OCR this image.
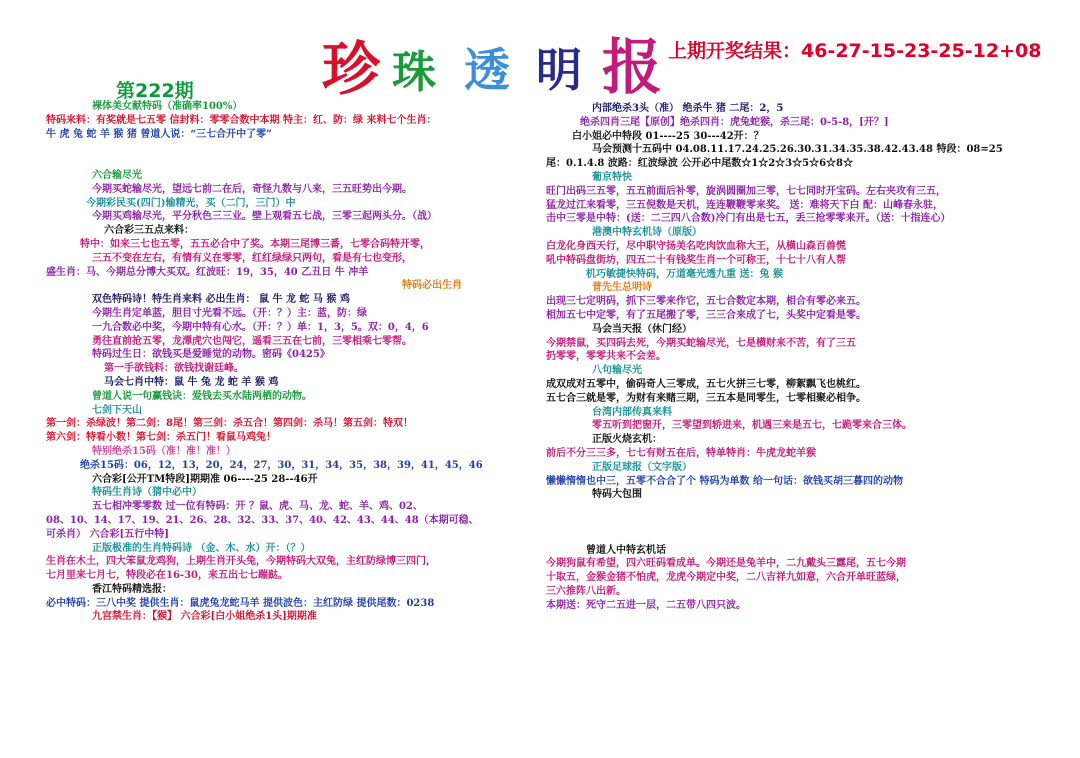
珍 珠 透 明 报 上期开奖结果：46-27-15-23-25-12+08
第222期
裸体美女献特码（准确率100%）
特码来料：有奖就是七五零 信封料：零零合数中本期 特主：红、防：绿 来料七个生肖：
牛 虎 兔 蛇 羊 猴 猪 曾道人说：“三七合开中了零”
六合输尽光
今期买蛇输尽光，望远七前二在后，奇怪九数与八来，三五旺势出今期。
今期彩民买(四门)输精光，买（二门，三门）中
今期买鸡输尽光，平分秋色三三业。壁上观看五七战，三零三起两头分。（战）
六合彩三五点来料：
特中：如来三七也五零，五五必合中了奖。本期三尾博三番，七零合码特开零，
三五不变在左右，有情有义在零零，红红绿绿只两句，看是有七也变形，
盛生肖：马、今期总分博大买双。红波旺：19，35，40 乙丑日 牛 冲羊
特码必出生肖
双色特码诗！特生肖来料 必出生肖： 鼠 牛 龙 蛇 马 猴 鸡
今期生肖定单蓝，胆目寸光看不远。（开：？）主：蓝，防：绿
一九合数必中奖，今期中特有心水。（开：？）单：1，3，5。双：0，4，6
勇往直前抢五零，龙潭虎穴也闯它，遥看三五在七前，三零相乘七零帮。
特码过生日：欲钱买是爱睡觉的动物。密码《0425》
第一手欲钱料：欲钱找谢廷峰。
马会七肖中特：鼠 牛 兔 龙 蛇 羊 猴 鸡
曾道人说一句赢钱诀：爱钱去买水陆两栖的动物。
七剑下天山
第一剑：杀绿波！第二剑：8尾！第三剑：杀五合！第四剑：杀马！第五剑：特双！
第六剑：特看小数！第七剑：杀五门！看鼠马鸡兔！
特别绝杀15码（准！准！准！）
绝杀15码：06，12，13，20，24，27，30，31，34，35，38，39，41，45，46
六合彩[公开TM特段]期期准 06----25 28--46开
特码生肖诗（猜中必中）
五七相冲零零数 过一位有特码：开 ？鼠、虎、马、龙、蛇、羊、鸡、02、
08、10、14、17、19、21、26、28、32、33、37、40、42、43、44、48（本期可稳、
可杀肖） 六合彩[五行中特]
正版极准的生肖特码诗 （金、木、水）开：（？）
生肖在木土，四大笨鼠龙鸡狗，上期生肖开头兔，今期特码大双兔，主红防绿博三四门，
七月里来七月七，特段必在16-30，来五出七七蹦跶。
香江特码精选报：
必中特码：三八中奖 提供生肖：鼠虎兔龙蛇马羊 提供波色：主红防绿 提供尾数：0238
九宫禁生肖：【猴】 六合彩[白小姐绝杀1头]期期准
内部绝杀3头（准） 绝杀牛 猪 二尾：2，5
绝杀四肖三尾【原创】绝杀四肖：虎兔蛇猴，杀三尾：0-5-8，[开？]
白小姐必中特段 01----25 30---42开：？
马会预测十五码中 04.08.11.17.24.25.26.30.31.34.35.38.42.43.48 特段：08=25
尾：0.1.4.8 波路：红波绿波 公开必中尾数☆1☆2☆3☆5☆6☆8☆
葡京特快
旺门出码三五零，五五前面后补零，旋涡圆圈加三零，七七同时开宝码。左右夹攻有三五，
猛龙过江来看零，三五倪数是天机，连连鞭鞭零来奖。 送：难将天下白 配：山峰春永驻，
击中三零是中特：(送：二三四八合数)冷门有出是七五，丢三抢零零来开。（送：十指连心）
港澳中特玄机诗（原版）
白龙化身西天行，尽中职守扬美名吃肉饮血称大王，从横山森百兽慌
吼中特码盘街坊，四五二十有钱奖生肖一个可称王，十七十八有人帮
机巧敏捷快特码，万道毫光透九重 送：兔 猴
普先生总明诗
出现三七定明码，抓下三零来作它，五七合数定本期，相合有零必来五。
相加五七中定零，有了五尾搬了零，三三合来成了七，头奖中定看是零。
马会当天报（休门经）
今期禁鼠，买四码去死，今期买蛇输尽光，七是横财来不苦，有了三五
扔零零，零零共来不会差。
八句输尽光
成双成对五零中，偷码奇人三零成，五七火拼三七零，柳絮飘飞也桃红。
五七合三就是零，为财有来赌三期，三五本是同零生，七零相聚必相争。
台湾内部传真来料
零五听到把窗开，三零望到轿进来，机遇三来是五七，七跪零来合三体。
正版火烧玄机：
前后不分三三多，七七有财五在后，特单特肖：牛虎龙蛇羊猴
正版足球报（文字版）
懒懒惰惰也中三，五零不合合了个 特码为单数 给一句话：欲钱买胡三暮四的动物
特码大包围
曾道人中特玄机话
今期狗鼠有希望，四六旺码看成单。今期还是兔羊中，二九戴头三露尾，五七今期
十取五，金猴金猪不怕虎，龙虎今期定中奖，二八吉祥九如意，六合开单旺蓝绿，
三六推阵八出新。
本期送：死守二五进一层，二五带八四只波。
